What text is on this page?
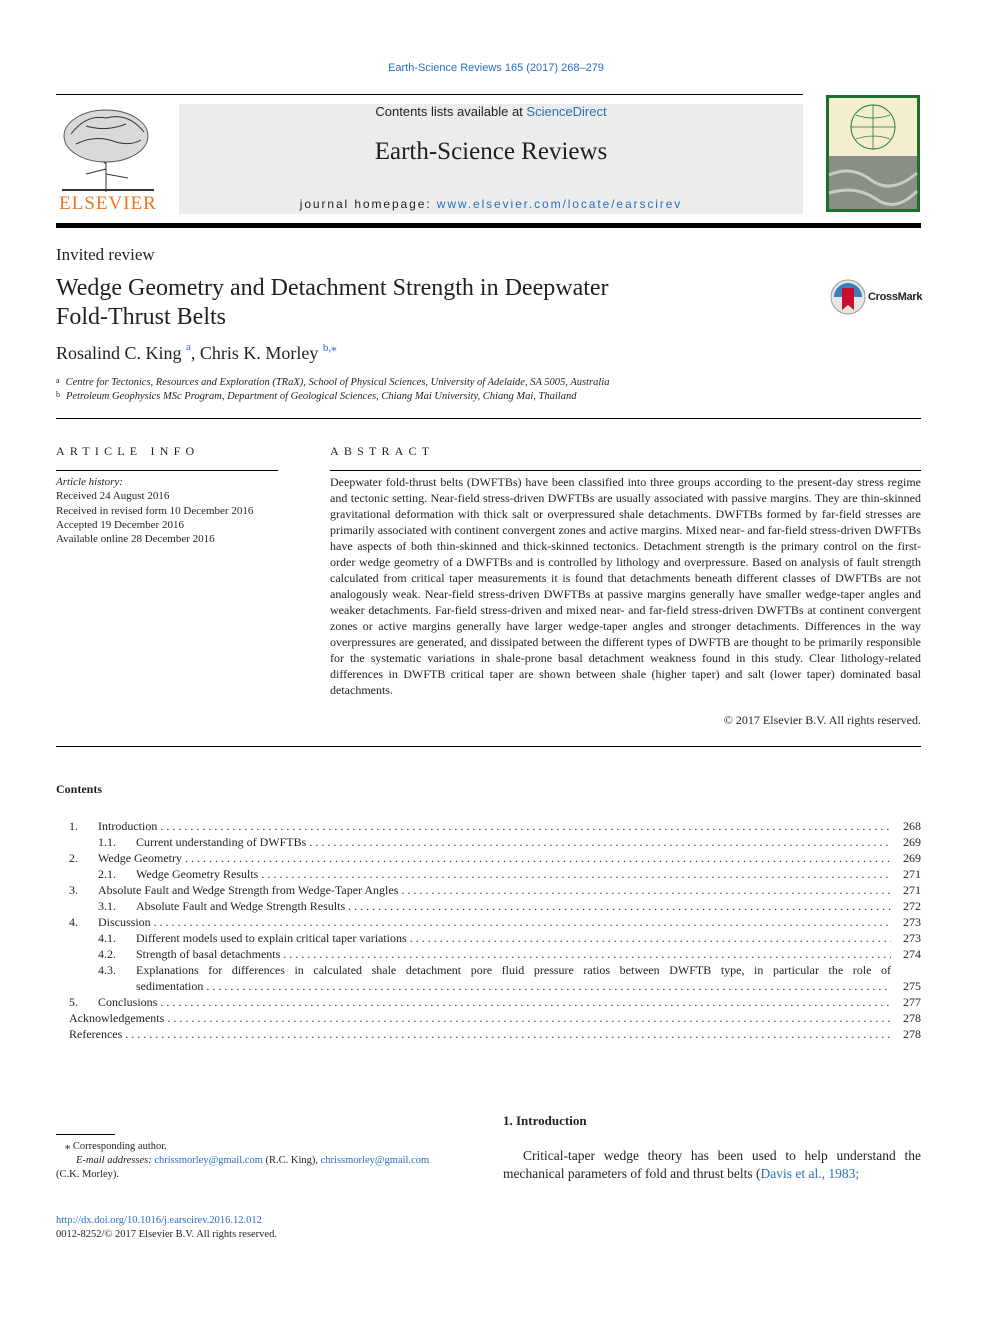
Earth-Science Reviews 165 (2017) 268–279
ELSEVIER
Contents lists available at ScienceDirect
Earth-Science Reviews
journal homepage: www.elsevier.com/locate/earscirev
Invited review
Wedge Geometry and Detachment Strength in Deepwater
Fold-Thrust Belts
CrossMark
Rosalind C. King $^a$, Chris K. Morley $^{b,⁎}$
$^a$ Centre for Tectonics, Resources and Exploration (TRaX), School of Physical Sciences, University of Adelaide, SA 5005, Australia
$^b$ Petroleum Geophysics MSc Program, Department of Geological Sciences, Chiang Mai University, Chiang Mai, Thailand
ARTICLE INFO
Article history:
Received 24 August 2016
Received in revised form 10 December 2016
Accepted 19 December 2016
Available online 28 December 2016
ABSTRACT
Deepwater fold-thrust belts (DWFTBs) have been classified into three groups according to the present-day stress regime and tectonic setting. Near-field stress-driven DWFTBs are usually associated with passive margins. They are thin-skinned gravitational deformation with thick salt or overpressured shale detachments. DWFTBs formed by far-field stresses are primarily associated with continent convergent zones and active margins. Mixed near- and far-field stress-driven DWFTBs have aspects of both thin-skinned and thick-skinned tectonics. Detachment strength is the primary control on the first-order wedge geometry of a DWFTBs and is controlled by lithology and overpressure. Based on analysis of fault strength calculated from critical taper measurements it is found that detachments beneath different classes of DWFTBs are not analogously weak. Near-field stress-driven DWFTBs at passive margins generally have smaller wedge-taper angles and weaker detachments. Far-field stress-driven and mixed near- and far-field stress-driven DWFTBs at continent convergent zones or active margins generally have larger wedge-taper angles and stronger detachments. Differences in the way overpressures are generated, and dissipated between the different types of DWFTB are thought to be primarily responsible for the systematic variations in shale-prone basal detachment weakness found in this study. Clear lithology-related differences in DWFTB critical taper are shown between shale (higher taper) and salt (lower taper) dominated basal detachments.
© 2017 Elsevier B.V. All rights reserved.
Contents
1. Introduction . . .	268
1.1. Current understanding of DWFTBs . . .	269
2. Wedge Geometry . . .	269
2.1. Wedge Geometry Results . . .	271
3. Absolute Fault and Wedge Strength from Wedge-Taper Angles . . .	271
3.1. Absolute Fault and Wedge Strength Results . . .	272
4. Discussion . . .	273
4.1. Different models used to explain critical taper variations . . .	273
4.2. Strength of basal detachments . . .	274
4.3. Explanations for differences in calculated shale detachment pore fluid pressure ratios between DWFTB type, in particular the role of
sedimentation . . .	275
5. Conclusions . . .	277
Acknowledgements . . .	278
References . . .	278
⁎ Corresponding author.
E-mail addresses: chrissmorley@gmail.com (R.C. King), chrissmorley@gmail.com
(C.K. Morley).
http://dx.doi.org/10.1016/j.earscirev.2016.12.012
0012-8252/© 2017 Elsevier B.V. All rights reserved.
1. Introduction
Critical-taper wedge theory has been used to help understand the mechanical parameters of fold and thrust belts (Davis et al., 1983;
